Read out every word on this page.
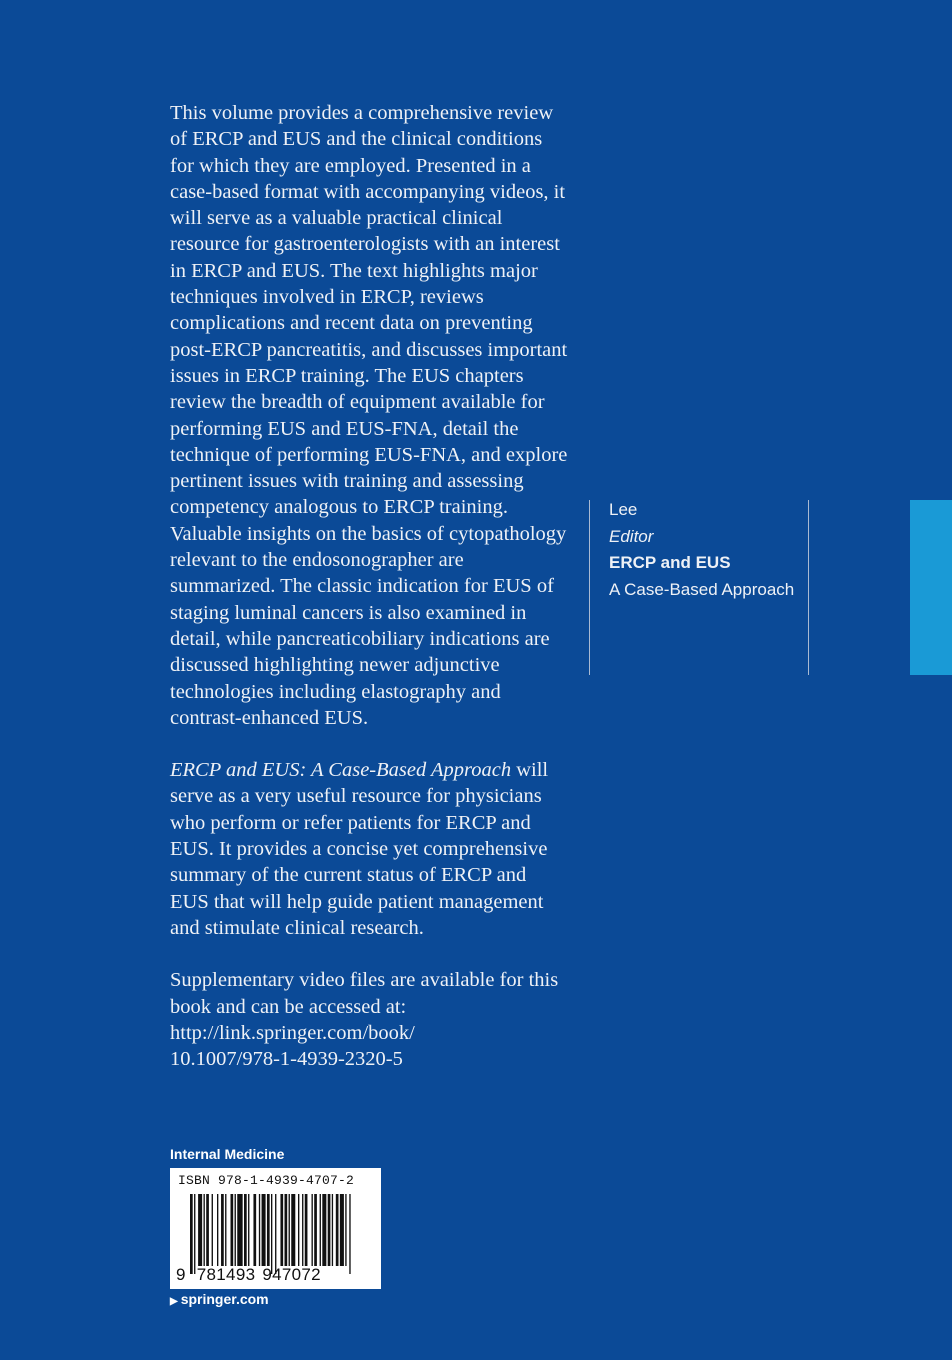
This volume provides a comprehensive review of ERCP and EUS and the clinical conditions for which they are employed. Presented in a case-based format with accompanying videos, it will serve as a valuable practical clinical resource for gastroenterologists with an interest in ERCP and EUS. The text highlights major techniques involved in ERCP, reviews complications and recent data on preventing post-ERCP pancreatitis, and discusses important issues in ERCP training. The EUS chapters review the breadth of equipment available for performing EUS and EUS-FNA, detail the technique of performing EUS-FNA, and explore pertinent issues with training and assessing competency analogous to ERCP training. Valuable insights on the basics of cytopathology relevant to the endosonographer are summarized. The classic indication for EUS of staging luminal cancers is also examined in detail, while pancreaticobiliary indications are discussed highlighting newer adjunctive technologies including elastography and contrast-enhanced EUS.

ERCP and EUS: A Case-Based Approach will serve as a very useful resource for physicians who perform or refer patients for ERCP and EUS. It provides a concise yet comprehensive summary of the current status of ERCP and EUS that will help guide patient management and stimulate clinical research.

Supplementary video files are available for this book and can be accessed at:
http://link.springer.com/book/
10.1007/978-1-4939-2320-5

Lee
Editor
ERCP and EUS
A Case-Based Approach
Internal Medicine
ISBN 978-1-4939-4707-2
9 781493 947072
▶ springer.com
